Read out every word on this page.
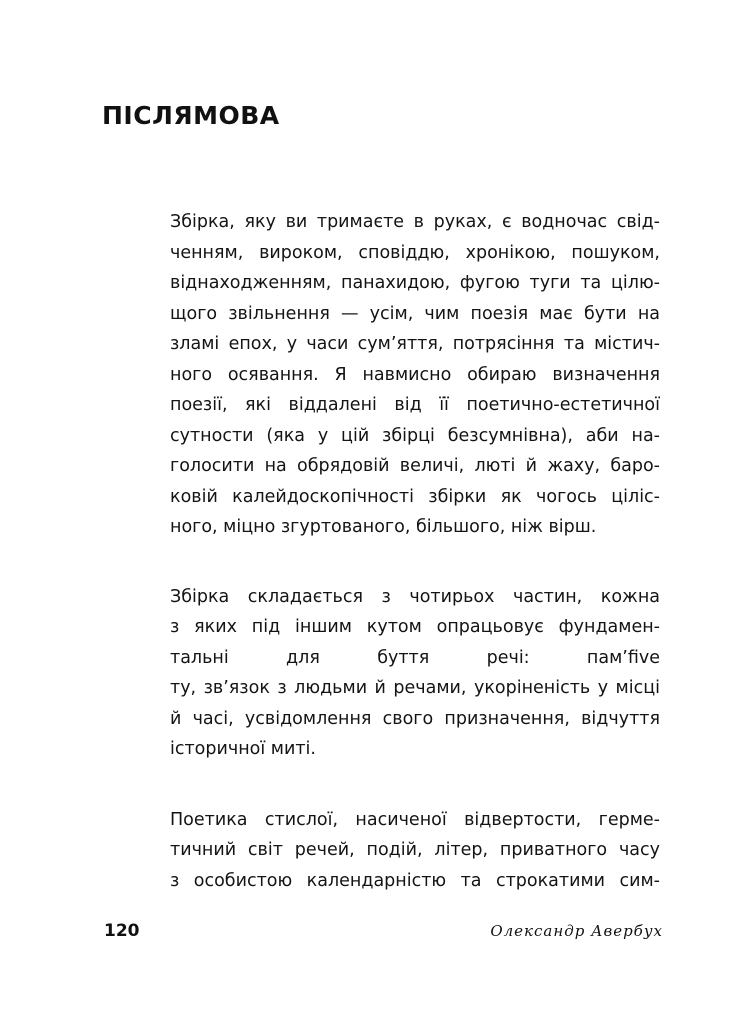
ПІСЛЯМОВА

Збірка, яку ви тримаєте в руках, є водночас свід-
ченням, вироком, сповіддю, хронікою, пошуком,
віднаходженням, панахидою, фугою туги та цілю-
щого звільнення — усім, чим поезія має бути на
зламі епох, у часи сум’яття, потрясіння та містич-
ного осявання. Я навмисно обираю визначення
поезії, які віддалені від її поетично-естетичної
сутности (яка у цій збірці безсумнівна), аби на-
голосити на обрядовій величі, люті й жаху, баро-
ковій калейдоскопічності збірки як чогось ціліс-
ного, міцно згуртованого, більшого, ніж вірш.

Збірка складається з чотирьох частин, кожна
з яких під іншим кутом опрацьовує фундамен-
тальні для буття речі: пам’five
ту, зв’язок з людьми й речами, укоріненість у місці
й часі, усвідомлення свого призначення, відчуття
історичної миті.

Поетика стислої, насиченої відвертости, герме-
тичний світ речей, подій, літер, приватного часу
з особистою календарністю та строкатими сим-

120	Олександр Авербух
